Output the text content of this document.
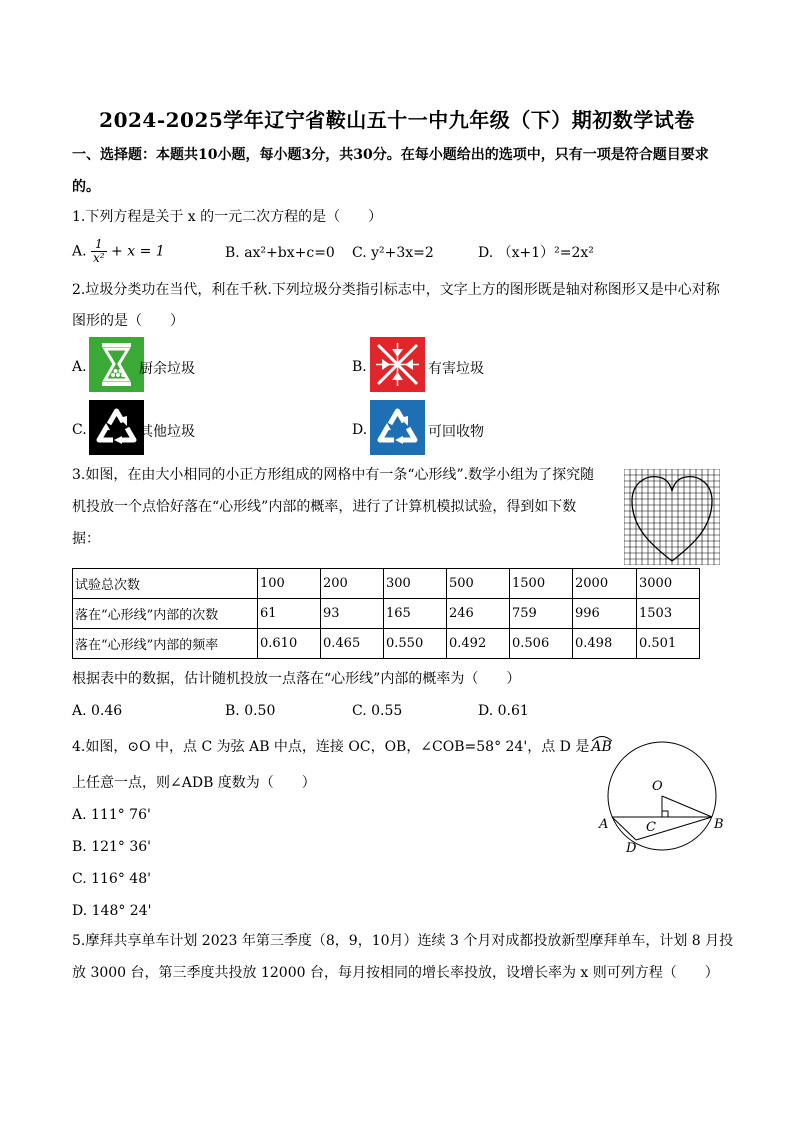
2024-2025学年辽宁省鞍山五十一中九年级（下）期初数学试卷
一、选择题：本题共10小题，每小题3分，共30分。在每小题给出的选项中，只有一项是符合题目要求
的。
1.下列方程是关于 x 的一元二次方程的是（　　）
A. $\frac{1}{\text{x²}} + x = 1$	B. ax²+bx+c=0 C. y²+3x=2	D. （x+1）²=2x²
2.垃圾分类功在当代，利在千秋.下列垃圾分类指引标志中，文字上方的图形既是轴对称图形又是中心对称
图形的是（　　）
A.	厨余垃圾	B.	有害垃圾
C.	其他垃圾	D.	可回收物
3.如图，在由大小相同的小正方形组成的网格中有一条“心形线”.数学小组为了探究随
机投放一个点恰好落在“心形线”内部的概率，进行了计算机模拟试验，得到如下数
据：
试验总次数	100	200	300	500	1500	2000	3000
落在“心形线”内部的次数	61	93	165	246	759	996	1503
落在“心形线”内部的频率	0.610	0.465	0.550	0.492	0.506	0.498	0.501
根据表中的数据，估计随机投放一点落在“心形线”内部的概率为（　　）
A. 0.46	B. 0.50	C. 0.55	D. 0.61
4.如图，⊙O 中，点 C 为弦 AB 中点，连接 OC，OB，∠COB=58° 24'，点 D 是 AB
上任意一点，则∠ADB 度数为（　　）
A. 111° 76'
B. 121° 36'
C. 116° 48'
D. 148° 24'
O
A	B
C
D
5.摩拜共享单车计划 2023 年第三季度（8，9，10月）连续 3 个月对成都投放新型摩拜单车，计划 8 月投
放 3000 台，第三季度共投放 12000 台，每月按相同的增长率投放，设增长率为 x 则可列方程（　　）
